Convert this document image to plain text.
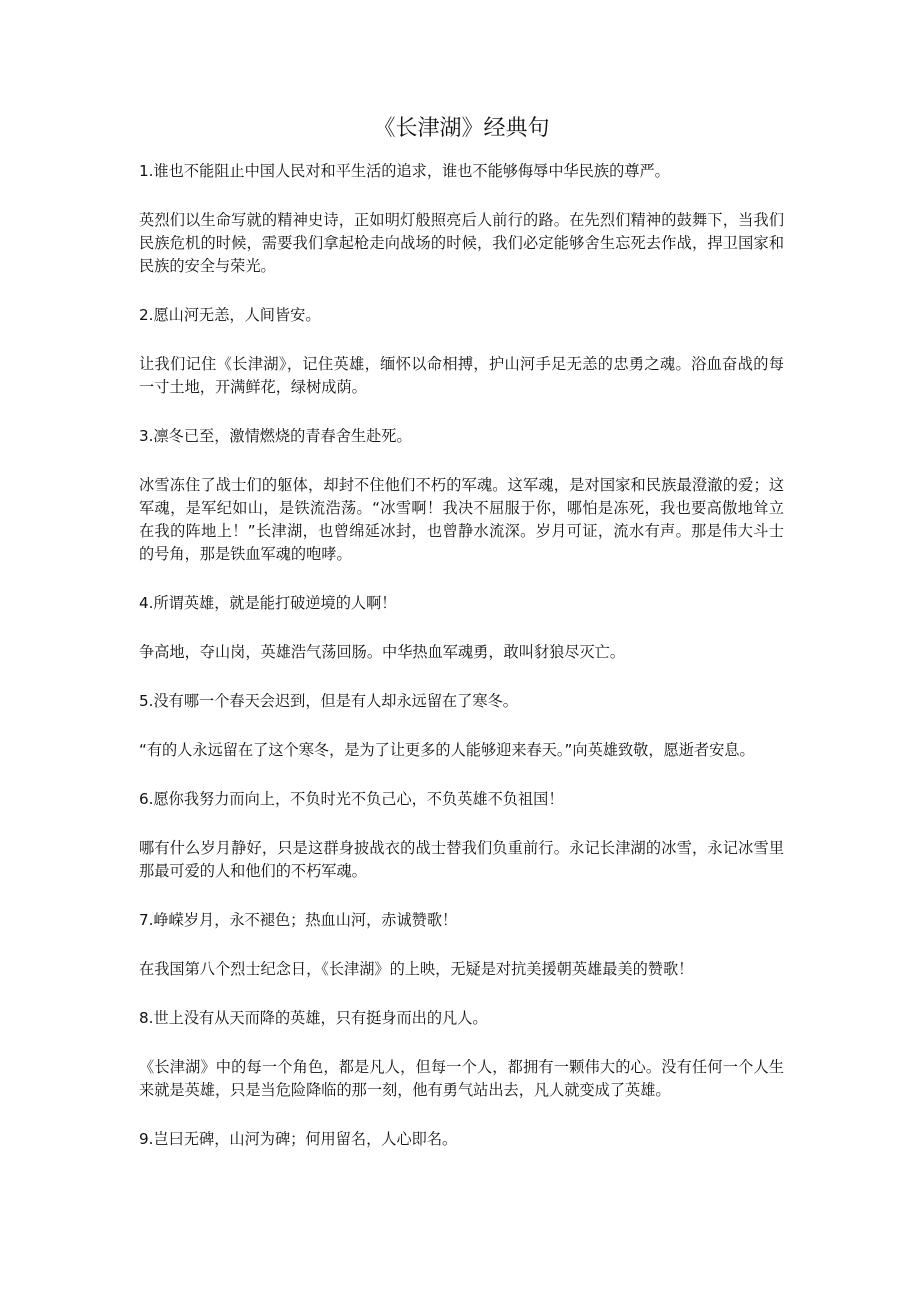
《长津湖》经典句

1.谁也不能阻止中国人民对和平生活的追求，谁也不能够侮辱中华民族的尊严。

英烈们以生命写就的精神史诗，正如明灯般照亮后人前行的路。在先烈们精神的鼓舞下，当我们民族危机的时候，需要我们拿起枪走向战场的时候，我们必定能够舍生忘死去作战，捍卫国家和民族的安全与荣光。

2.愿山河无恙，人间皆安。

让我们记住《长津湖》，记住英雄，缅怀以命相搏，护山河手足无恙的忠勇之魂。浴血奋战的每一寸土地，开满鲜花，绿树成荫。

3.凛冬已至，激情燃烧的青春舍生赴死。

冰雪冻住了战士们的躯体，却封不住他们不朽的军魂。这军魂，是对国家和民族最澄澈的爱；这军魂，是军纪如山，是铁流浩荡。“冰雪啊！我决不屈服于你，哪怕是冻死，我也要高傲地耸立在我的阵地上！”长津湖，也曾绵延冰封，也曾静水流深。岁月可证，流水有声。那是伟大斗士的号角，那是铁血军魂的咆哮。

4.所谓英雄，就是能打破逆境的人啊！

争高地，夺山岗，英雄浩气荡回肠。中华热血军魂勇，敢叫豺狼尽灭亡。

5.没有哪一个春天会迟到，但是有人却永远留在了寒冬。

“有的人永远留在了这个寒冬，是为了让更多的人能够迎来春天。”向英雄致敬，愿逝者安息。

6.愿你我努力而向上，不负时光不负己心，不负英雄不负祖国！

哪有什么岁月静好，只是这群身披战衣的战士替我们负重前行。永记长津湖的冰雪，永记冰雪里那最可爱的人和他们的不朽军魂。

7.峥嵘岁月，永不褪色；热血山河，赤诚赞歌！

在我国第八个烈士纪念日，《长津湖》的上映，无疑是对抗美援朝英雄最美的赞歌！

8.世上没有从天而降的英雄，只有挺身而出的凡人。

《长津湖》中的每一个角色，都是凡人，但每一个人，都拥有一颗伟大的心。没有任何一个人生来就是英雄，只是当危险降临的那一刻，他有勇气站出去，凡人就变成了英雄。

9.岂曰无碑，山河为碑；何用留名，人心即名。
